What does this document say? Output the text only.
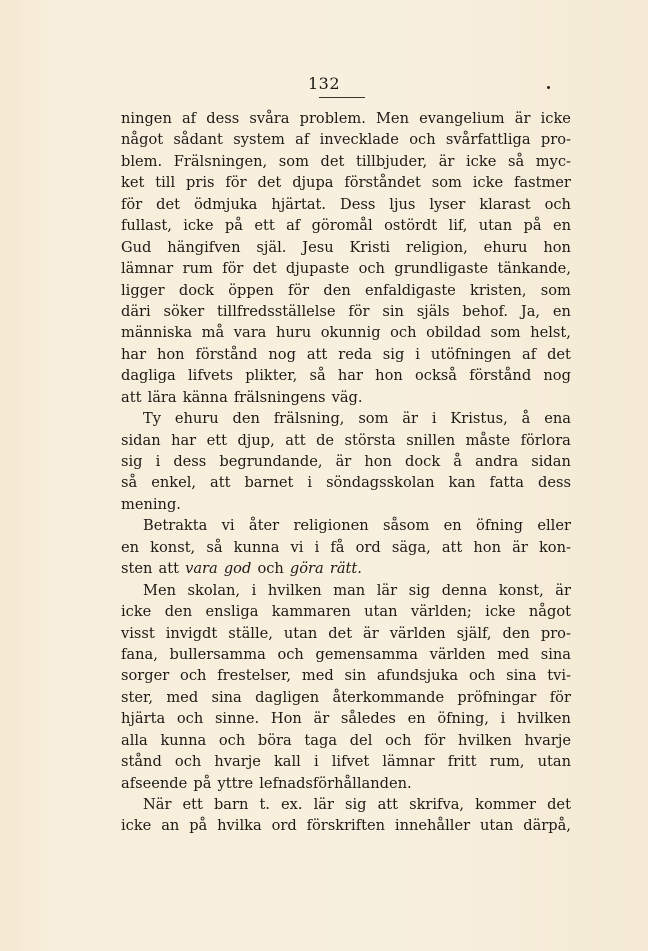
132
ningen af dess svåra problem. Men evangelium är icke
något sådant system af invecklade och svårfattliga pro-
blem. Frälsningen, som det tillbjuder, är icke så myc-
ket till pris för det djupa förståndet som icke fastmer
för det ödmjuka hjärtat. Dess ljus lyser klarast och
fullast, icke på ett af göromål ostördt lif, utan på en
Gud hängifven själ. Jesu Kristi religion, ehuru hon
lämnar rum för det djupaste och grundligaste tänkande,
ligger dock öppen för den enfaldigaste kristen, som
däri söker tillfredsställelse för sin själs behof. Ja, en
människa må vara huru okunnig och obildad som helst,
har hon förstånd nog att reda sig i utöfningen af det
dagliga lifvets plikter, så har hon också förstånd nog
att lära känna frälsningens väg.
Ty ehuru den frälsning, som är i Kristus, å ena
sidan har ett djup, att de största snillen måste förlora
sig i dess begrundande, är hon dock å andra sidan
så enkel, att barnet i söndagsskolan kan fatta dess
mening.
Betrakta vi åter religionen såsom en öfning eller
en konst, så kunna vi i få ord säga, att hon är kon-
sten att vara god och göra rätt.
Men skolan, i hvilken man lär sig denna konst, är
icke den ensliga kammaren utan världen; icke något
visst invigdt ställe, utan det är världen själf, den pro-
fana, bullersamma och gemensamma världen med sina
sorger och frestelser, med sin afundsjuka och sina tvi-
ster, med sina dagligen återkommande pröfningar för
hjärta och sinne. Hon är således en öfning, i hvilken
alla kunna och böra taga del och för hvilken hvarje
stånd och hvarje kall i lifvet lämnar fritt rum, utan
afseende på yttre lefnadsförhållanden.
När ett barn t. ex. lär sig att skrifva, kommer det
icke an på hvilka ord förskriften innehåller utan därpå,
